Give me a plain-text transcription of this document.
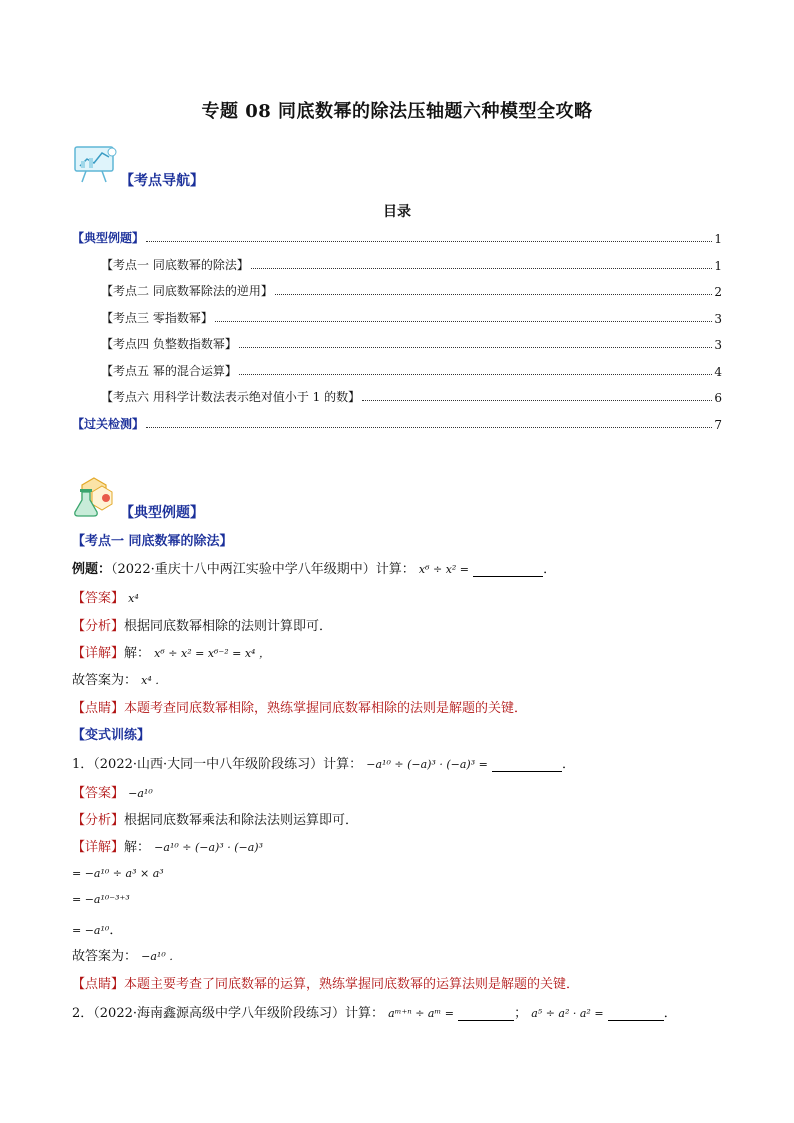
专题 08 同底数幂的除法压轴题六种模型全攻略
【考点导航】
目录
【典型例题】	1
【考点一 同底数幂的除法】	1
【考点二 同底数幂除法的逆用】	2
【考点三 零指数幂】	3
【考点四 负整数指数幂】	3
【考点五 幂的混合运算】	4
【考点六 用科学计数法表示绝对值小于 1 的数】	6
【过关检测】	7
【典型例题】
【考点一 同底数幂的除法】
例题：（2022·重庆十八中两江实验中学八年级期中）计算： x⁶ ÷ x² =	．
【答案】 x⁴
【分析】根据同底数幂相除的法则计算即可．
【详解】解： x⁶ ÷ x² = x⁶⁻² = x⁴ ，
故答案为： x⁴ ．
【点睛】本题考查同底数幂相除，熟练掌握同底数幂相除的法则是解题的关键．
【变式训练】
1．（2022·山西·大同一中八年级阶段练习）计算： −a¹⁰ ÷ (−a)³ · (−a)³ =	．
【答案】 −a¹⁰
【分析】根据同底数幂乘法和除法法则运算即可．
【详解】解： −a¹⁰ ÷ (−a)³ · (−a)³
= −a¹⁰ ÷ a³ × a³
= −a¹⁰⁻³⁺³
= −a¹⁰．
故答案为： −a¹⁰ ．
【点睛】本题主要考查了同底数幂的运算，熟练掌握同底数幂的运算法则是解题的关键．
2．（2022·海南鑫源高级中学八年级阶段练习）计算： aᵐ⁺ⁿ ÷ aᵐ =	； a⁵ ÷ a² · a² =	．
